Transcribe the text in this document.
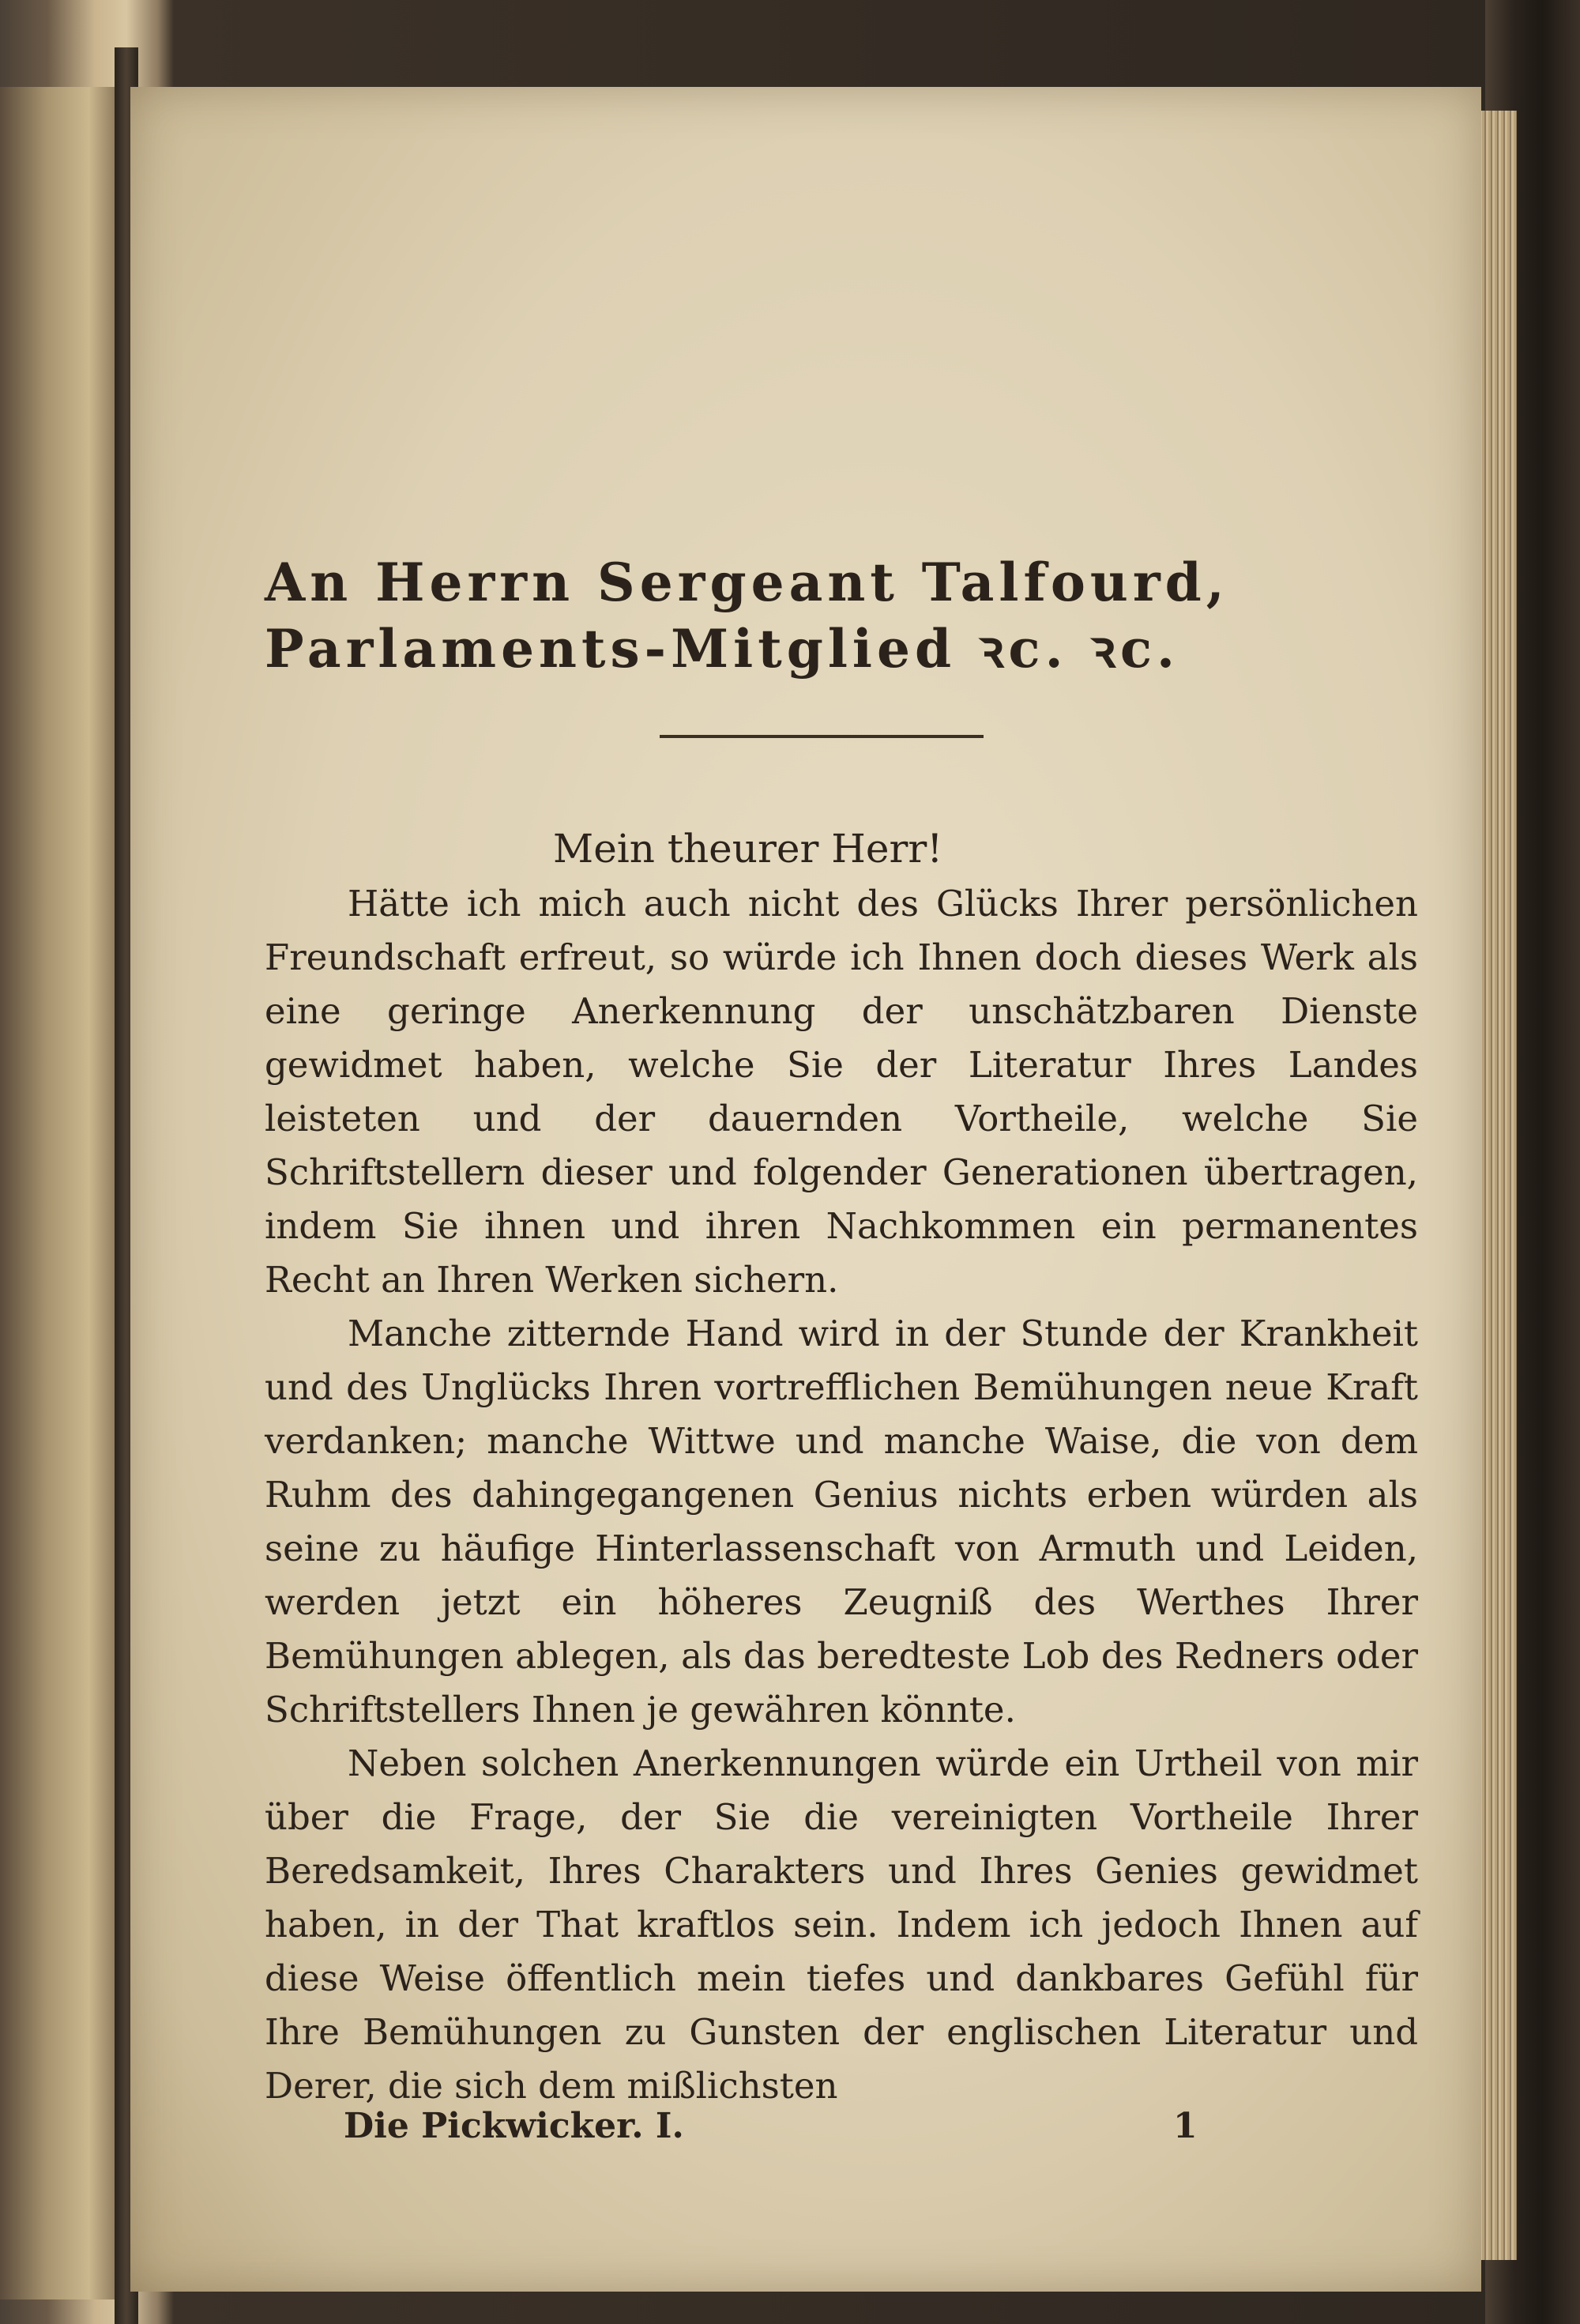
An Herrn Sergeant Talfourd, Parlaments-Mitglied ꝛc. ꝛc.
Mein theurer Herr!

Hätte ich mich auch nicht des Glücks Ihrer persönlichen Freundschaft erfreut, so würde ich Ihnen doch dieses Werk als eine geringe Anerkennung der unschätzbaren Dienste gewidmet haben, welche Sie der Literatur Ihres Landes leisteten und der dauernden Vortheile, welche Sie Schriftstellern dieser und folgender Generationen übertragen, indem Sie ihnen und ihren Nachkommen ein permanentes Recht an Ihren Werken sichern.

Manche zitternde Hand wird in der Stunde der Krankheit und des Unglücks Ihren vortrefflichen Bemühungen neue Kraft verdanken; manche Wittwe und manche Waise, die von dem Ruhm des dahingegangenen Genius nichts erben würden als seine zu häufige Hinterlassenschaft von Armuth und Leiden, werden jetzt ein höheres Zeugniß des Werthes Ihrer Bemühungen ablegen, als das beredteste Lob des Redners oder Schriftstellers Ihnen je gewähren könnte.

Neben solchen Anerkennungen würde ein Urtheil von mir über die Frage, der Sie die vereinigten Vortheile Ihrer Beredsamkeit, Ihres Charakters und Ihres Genies gewidmet haben, in der That kraftlos sein. Indem ich jedoch Ihnen auf diese Weise öffentlich mein tiefes und dankbares Gefühl für Ihre Bemühungen zu Gunsten der englischen Literatur und Derer, die sich dem mißlichsten

Die Pickwicker. I.	1
